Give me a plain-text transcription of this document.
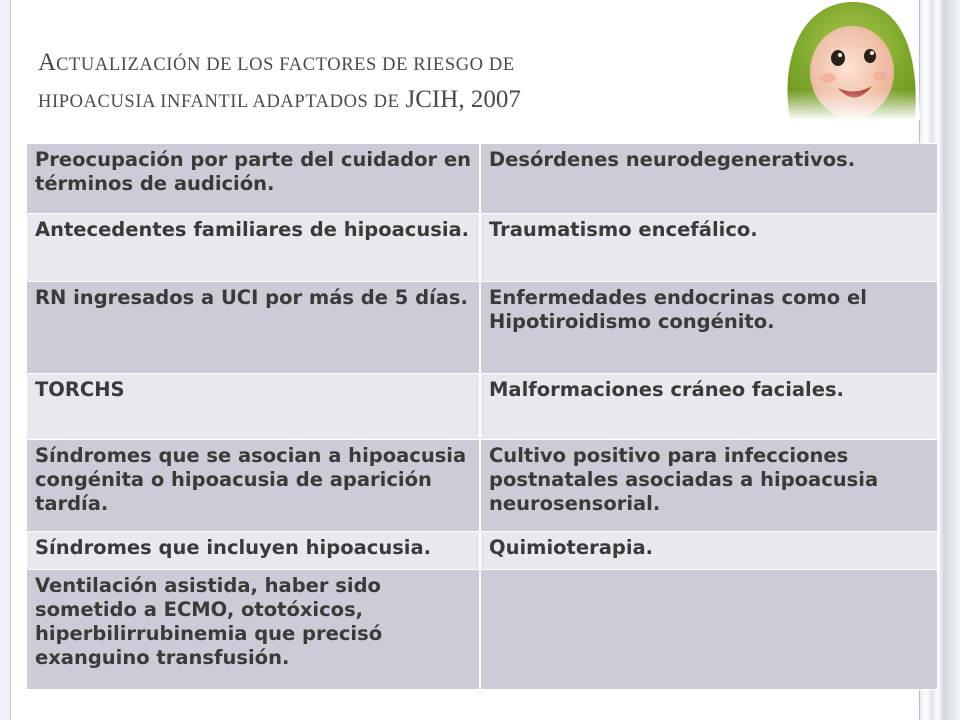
ACTUALIZACIÓN DE LOS FACTORES DE RIESGO DE
HIPOACUSIA INFANTIL ADAPTADOS DE JCIH, 2007
Preocupación por parte del cuidador en términos de audición.	Desórdenes neurodegenerativos.
Antecedentes familiares de hipoacusia.	Traumatismo encefálico.
RN ingresados a UCI por más de 5 días.	Enfermedades endocrinas como el Hipotiroidismo congénito.
TORCHS	Malformaciones cráneo faciales.
Síndromes que se asocian a hipoacusia congénita o hipoacusia de aparición tardía.	Cultivo positivo para infecciones postnatales asociadas a hipoacusia neurosensorial.
Síndromes que incluyen hipoacusia.	Quimioterapia.
Ventilación asistida, haber sido sometido a ECMO, ototóxicos, hiperbilirrubinemia que precisó exanguino transfusión.	
